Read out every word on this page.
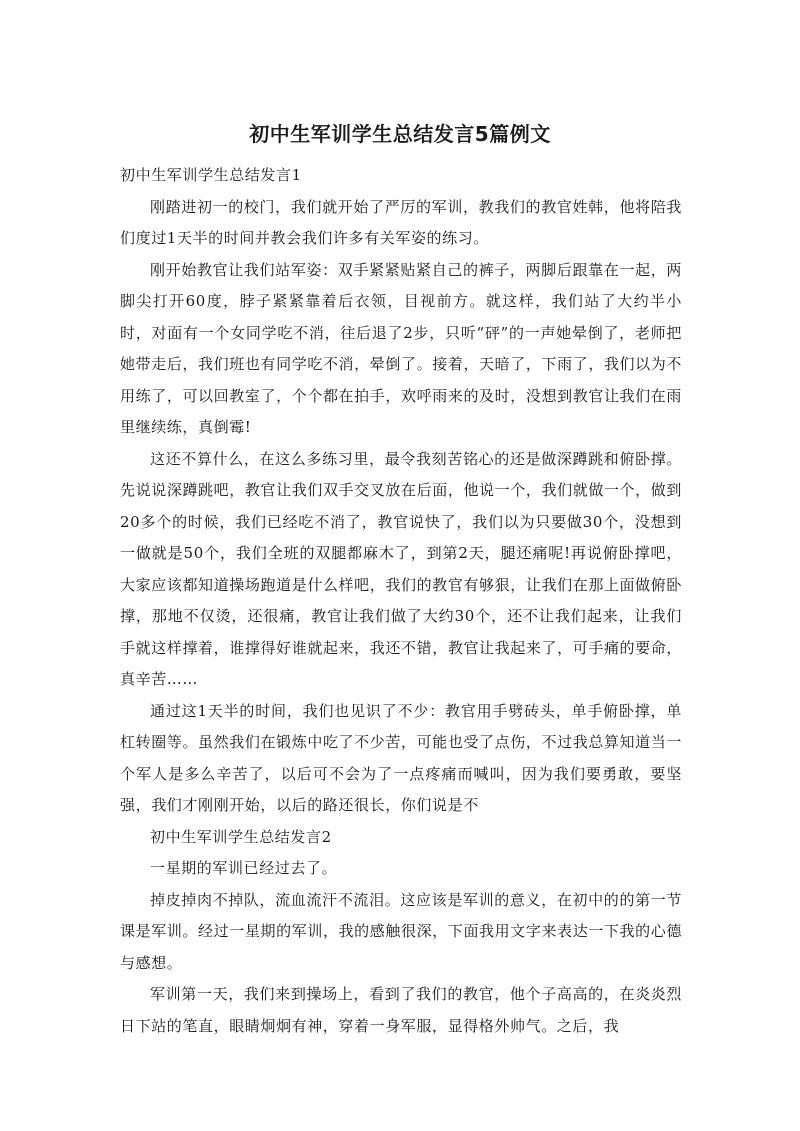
初中生军训学生总结发言5篇例文

初中生军训学生总结发言1

刚踏进初一的校门，我们就开始了严厉的军训，教我们的教官姓韩，他将陪我们度过1天半的时间并教会我们许多有关军姿的练习。

刚开始教官让我们站军姿：双手紧紧贴紧自己的裤子，两脚后跟靠在一起，两脚尖打开60度，脖子紧紧靠着后衣领，目视前方。就这样，我们站了大约半小时，对面有一个女同学吃不消，往后退了2步，只听“砰”的一声她晕倒了，老师把她带走后，我们班也有同学吃不消，晕倒了。接着，天暗了，下雨了，我们以为不用练了，可以回教室了，个个都在拍手，欢呼雨来的及时，没想到教官让我们在雨里继续练，真倒霉!

这还不算什么，在这么多练习里，最令我刻苦铭心的还是做深蹲跳和俯卧撑。先说说深蹲跳吧，教官让我们双手交叉放在后面，他说一个，我们就做一个，做到20多个的时候，我们已经吃不消了，教官说快了，我们以为只要做30个，没想到一做就是50个，我们全班的双腿都麻木了，到第2天，腿还痛呢!再说俯卧撑吧，大家应该都知道操场跑道是什么样吧，我们的教官有够狠，让我们在那上面做俯卧撑，那地不仅烫，还很痛，教官让我们做了大约30个，还不让我们起来，让我们手就这样撑着，谁撑得好谁就起来，我还不错，教官让我起来了，可手痛的要命，真辛苦……

通过这1天半的时间，我们也见识了不少：教官用手劈砖头，单手俯卧撑，单杠转圈等。虽然我们在锻炼中吃了不少苦，可能也受了点伤，不过我总算知道当一个军人是多么辛苦了，以后可不会为了一点疼痛而喊叫，因为我们要勇敢，要坚强，我们才刚刚开始，以后的路还很长，你们说是不

初中生军训学生总结发言2

一星期的军训已经过去了。

掉皮掉肉不掉队，流血流汗不流泪。这应该是军训的意义，在初中的的第一节课是军训。经过一星期的军训，我的感触很深，下面我用文字来表达一下我的心德与感想。

军训第一天，我们来到操场上，看到了我们的教官，他个子高高的，在炎炎烈日下站的笔直，眼睛炯炯有神，穿着一身军服，显得格外帅气。之后，我
